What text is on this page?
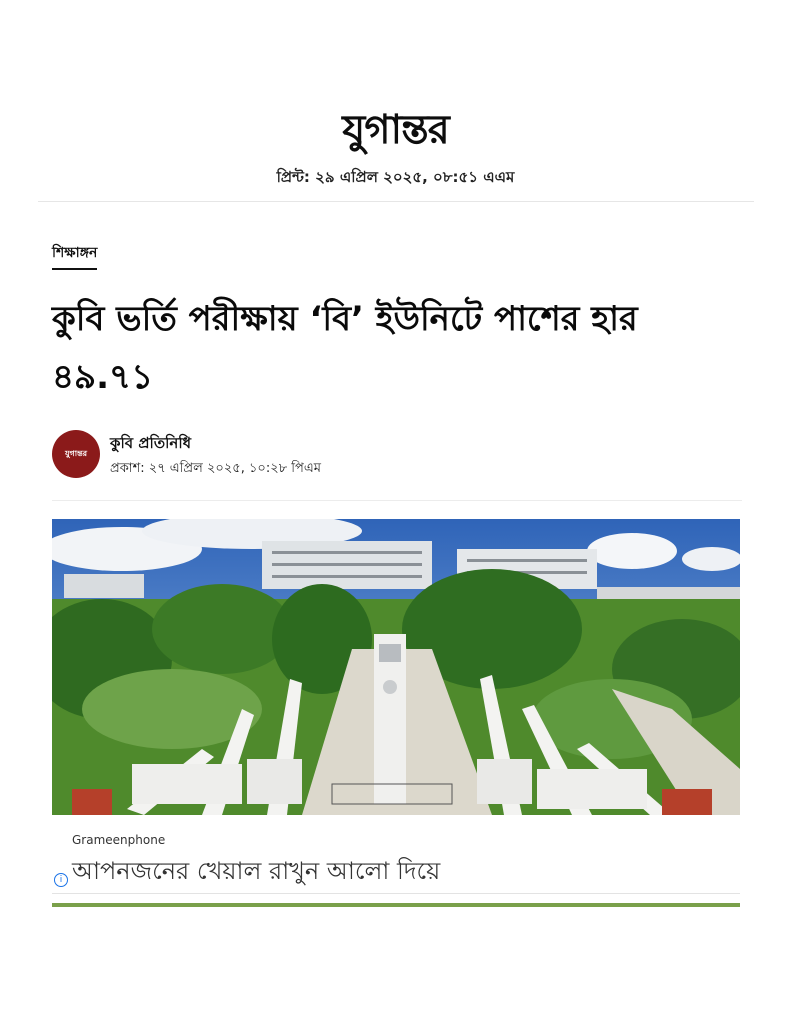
যুগান্তর
প্রিন্ট: ২৯ এপ্রিল ২০২৫, ০৮:৫১ এএম
শিক্ষাঙ্গন
কুবি ভর্তি পরীক্ষায় ‘বি’ ইউনিটে পাশের হার ৪৯.৭১
যুগান্তর
কুবি প্রতিনিধি
প্রকাশ: ২৭ এপ্রিল ২০২৫, ১০:২৮ পিএম
Grameenphone
আপনজনের খেয়াল রাখুন আলো দিয়ে
i
